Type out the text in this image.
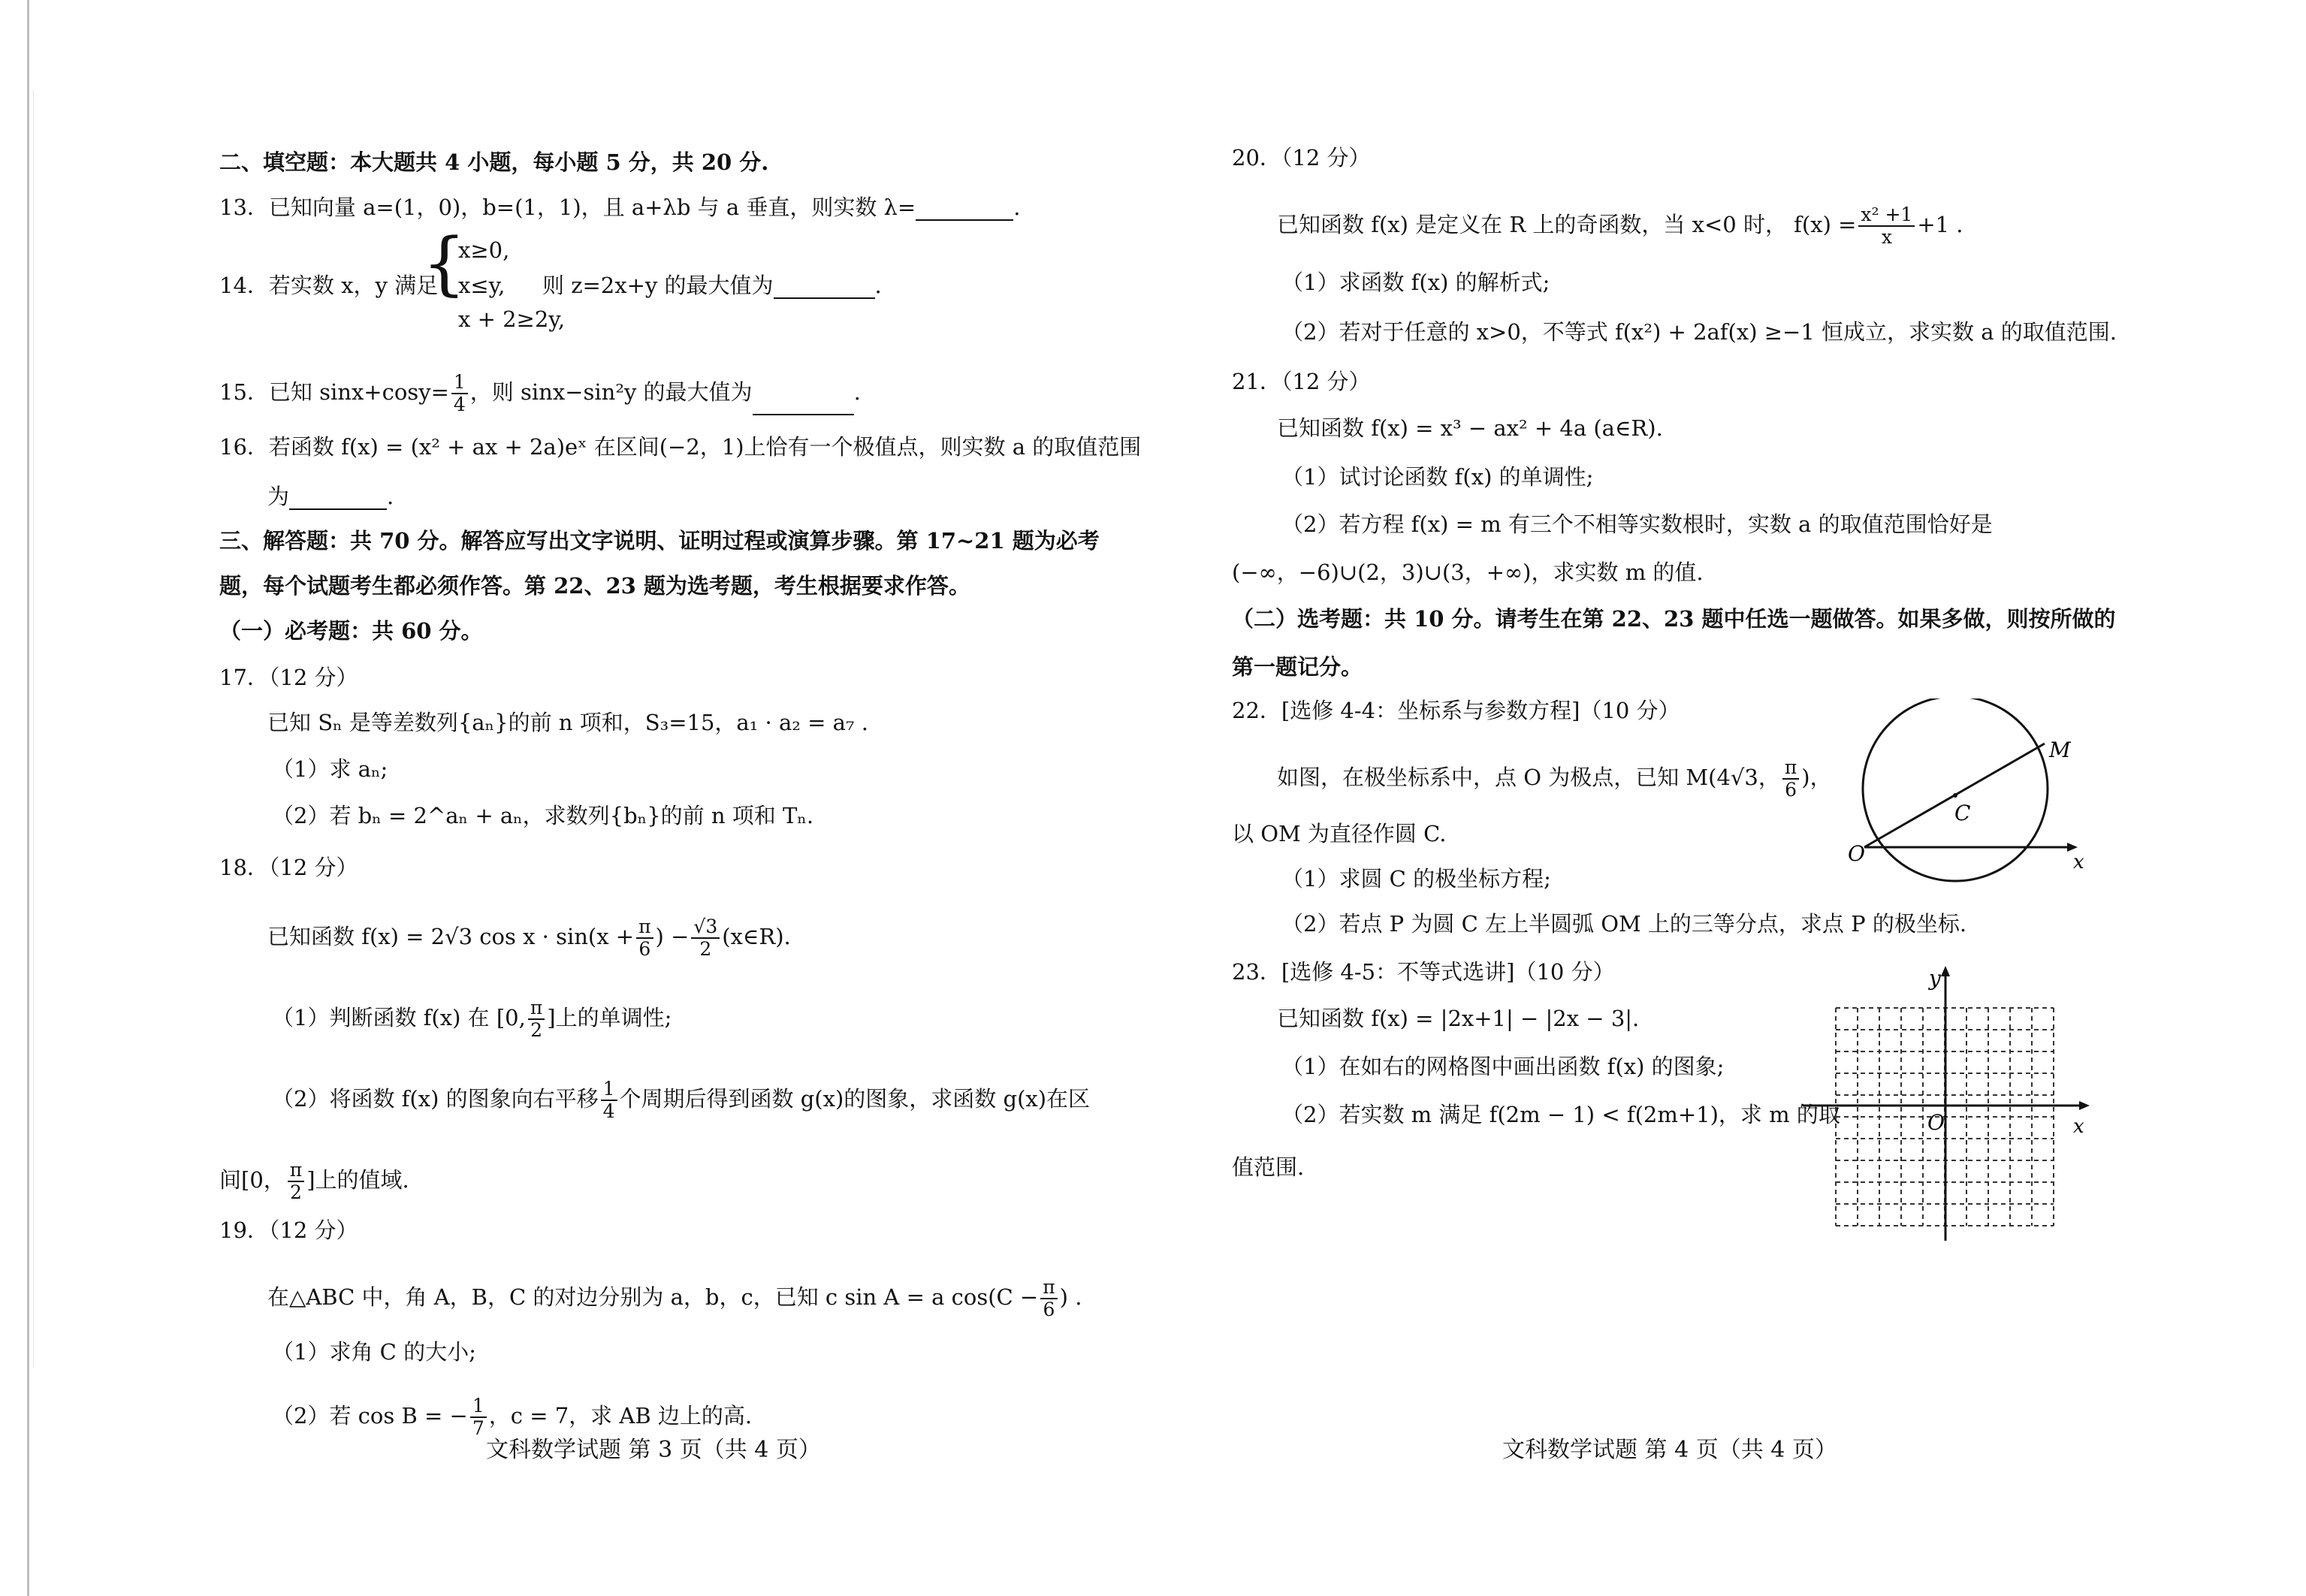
二、填空题：本大题共 4 小题，每小题 5 分，共 20 分.
13．已知向量 a=(1，0)，b=(1，1)，且 a+λb 与 a 垂直，则实数 λ=	.
14．若实数 x，y 满足
{
x≥0,
x≤y,
x + 2≥2y,
则 z=2x+y 的最大值为	.
15．已知 $\sin x+\cos y= \frac{1}{4}$ ，则 sinx−sin²y 的最大值为	.
16．若函数 f(x) = (x² + ax + 2a)eˣ 在区间(−2，1)上恰有一个极值点，则实数 a 的取值范围
为	.
三、解答题：共 70 分。解答应写出文字说明、证明过程或演算步骤。第 17~21 题为必考
题，每个试题考生都必须作答。第 22、23 题为选考题，考生根据要求作答。
（一）必考题：共 60 分。
17．（12 分）
已知 Sₙ 是等差数列{aₙ}的前 n 项和，S₃=15，a₁ · a₂ = a₇ .
（1）求 aₙ;
（2）若 bₙ = 2^aₙ + aₙ，求数列{bₙ}的前 n 项和 Tₙ.
18．（12 分）
已知函数 f(x) = 2√3 $\cos x \cdot \sin(x + \frac{\pi}{6}$ ) − $\frac{√3}{2}$ (x∈R).
（1）判断函数 f(x) 在 [0, $\frac{\pi}{2}$ ]上的单调性;
（2）将函数 f(x) 的图象向右平移 $\frac{1}{4}$ 个周期后得到函数 g(x)的图象，求函数 g(x)在区
间[0， $\frac{\pi}{2}$ ]上的值域.
19．（12 分）
在△ABC 中，角 A，B，C 的对边分别为 a，b，c，已知 c sin A = a $\cos(C - \frac{\pi}{6}$ ) .
（1）求角 C 的大小;
（2）若 cos B = − $\frac{1}{7}$ ，c = 7，求 AB 边上的高.
文科数学试题 第 3 页（共 4 页）
20．（12 分）
已知函数 f(x) 是定义在 R 上的奇函数，当 x<0 时， $f(x) = \frac{\text{x² +1}}{x} +1$ .
（1）求函数 f(x) 的解析式;
（2）若对于任意的 x>0，不等式 f(x²) + 2af(x) ≥−1 恒成立，求实数 a 的取值范围.
21．（12 分）
已知函数 f(x) = x³ − ax² + 4a (a∈R).
（1）试讨论函数 f(x) 的单调性;
（2）若方程 f(x) = m 有三个不相等实数根时，实数 a 的取值范围恰好是
(−∞，−6)∪(2，3)∪(3，+∞)，求实数 m 的值.
（二）选考题：共 10 分。请考生在第 22、23 题中任选一题做答。如果多做，则按所做的
第一题记分。
22．[选修 4-4：坐标系与参数方程]（10 分）
如图，在极坐标系中，点 O 为极点，已知 M(4√3， $\frac{\pi}{6}$ )，
以 OM 为直径作圆 C.
（1）求圆 C 的极坐标方程;
（2）若点 P 为圆 C 左上半圆弧 OM 上的三等分点，求点 P 的极坐标.
23．[选修 4-5：不等式选讲]（10 分）
已知函数 f(x) = |2x+1| − |2x − 3|.
（1）在如右的网格图中画出函数 f(x) 的图象;
（2）若实数 m 满足 f(2m − 1) < f(2m+1)，求 m 的取
值范围.
文科数学试题 第 4 页（共 4 页）
M
C
O	x
y
O	x
